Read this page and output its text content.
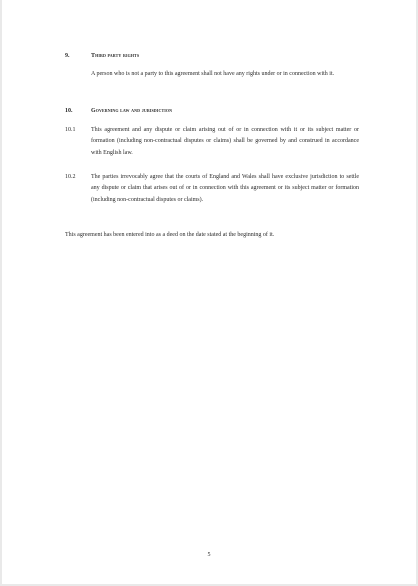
9.	Third party rights
A person who is not a party to this agreement shall not have any rights under or in connection with it.
10.	Governing law and jurisdiction
10.1	This agreement and any dispute or claim arising out of or in connection with it or its subject matter or formation (including non-contractual disputes or claims) shall be governed by and construed in accordance with English law.
10.2	The parties irrevocably agree that the courts of England and Wales shall have exclusive jurisdiction to settle any dispute or claim that arises out of or in connection with this agreement or its subject matter or formation (including non-contractual disputes or claims).
This agreement has been entered into as a deed on the date stated at the beginning of it.
5
